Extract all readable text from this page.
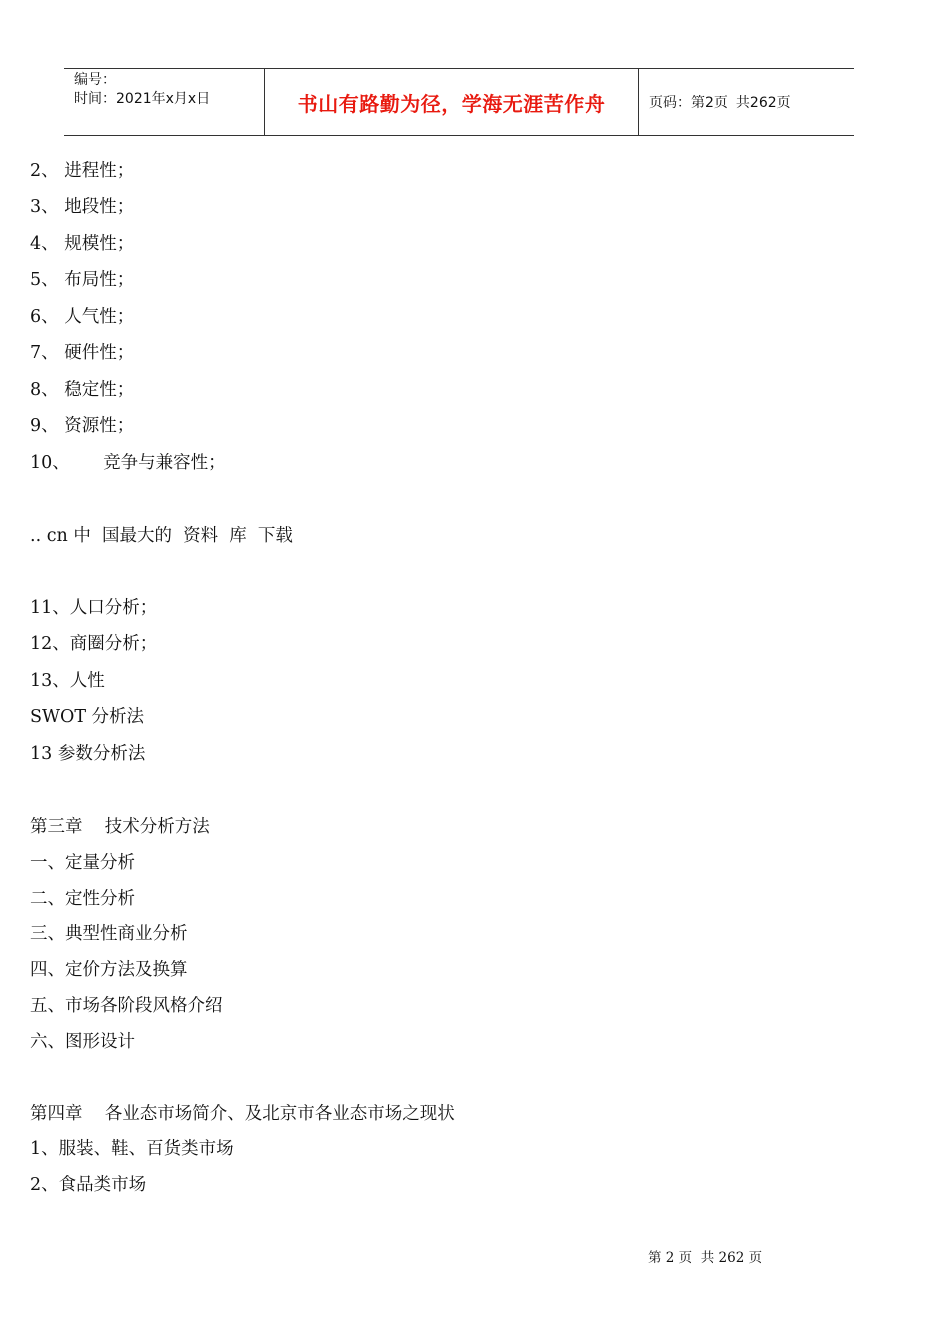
编号：
时间：2021年x月x日	书山有路勤为径，学海无涯苦作舟	页码：第2页 共262页
2、 进程性；
3、 地段性；
4、 规模性；
5、 布局性；
6、 人气性；
7、 硬件性；
8、 稳定性；
9、 资源性；
10、      竞争与兼容性；
.. cn 中  国最大的  资料  库  下载
11、人口分析；
12、商圈分析；
13、人性
SWOT 分析法
13 参数分析法
第三章    技术分析方法
一、定量分析
二、定性分析
三、典型性商业分析
四、定价方法及换算
五、市场各阶段风格介绍
六、图形设计
第四章    各业态市场简介、及北京市各业态市场之现状
1、服装、鞋、百货类市场
2、食品类市场
第 2 页  共 262 页
